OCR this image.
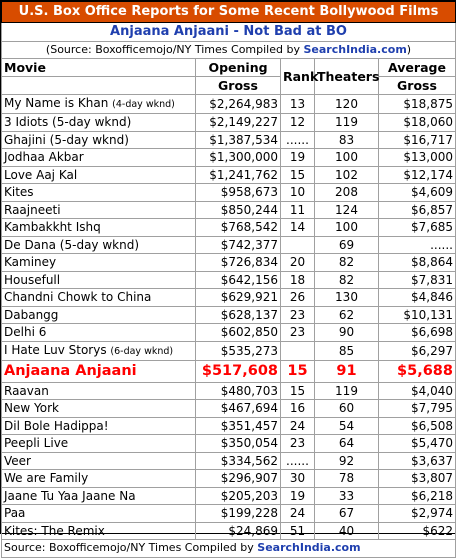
U.S. Box Office Reports for Some Recent Bollywood Films				
Anjaana Anjaani - Not Bad at BO				
(Source: Boxofficemojo/NY Times Compiled by SearchIndia.com)				
Movie	Opening	Rank	Theaters	Average
	Gross			Gross
My Name is Khan (4-day wknd)	$2,264,983	13	120	$18,875
3 Idiots (5-day wknd)	$2,149,227	12	119	$18,060
Ghajini (5-day wknd)	$1,387,534	......	83	$16,717
Jodhaa Akbar	$1,300,000	19	100	$13,000
Love Aaj Kal	$1,241,762	15	102	$12,174
Kites	$958,673	10	208	$4,609
Raajneeti	$850,244	11	124	$6,857
Kambakkht Ishq	$768,542	14	100	$7,685
De Dana (5-day wknd)	$742,377		69	......
Kaminey	$726,834	20	82	$8,864
Housefull	$642,156	18	82	$7,831
Chandni Chowk to China	$629,921	26	130	$4,846
Dabangg	$628,137	23	62	$10,131
Delhi 6	$602,850	23	90	$6,698
I Hate Luv Storys (6-day wknd)	$535,273		85	$6,297
Anjaana Anjaani	$517,608	15	91	$5,688
Raavan	$480,703	15	119	$4,040
New York	$467,694	16	60	$7,795
Dil Bole Hadippa!	$351,457	24	54	$6,508
Peepli Live	$350,054	23	64	$5,470
Veer	$334,562	......	92	$3,637
We are Family	$296,907	30	78	$3,807
Jaane Tu Yaa Jaane Na	$205,203	19	33	$6,218
Paa	$199,228	24	67	$2,974
Kites: The Remix	$24,869	51	40	$622
Source: Boxofficemojo/NY Times Compiled by SearchIndia.com				
